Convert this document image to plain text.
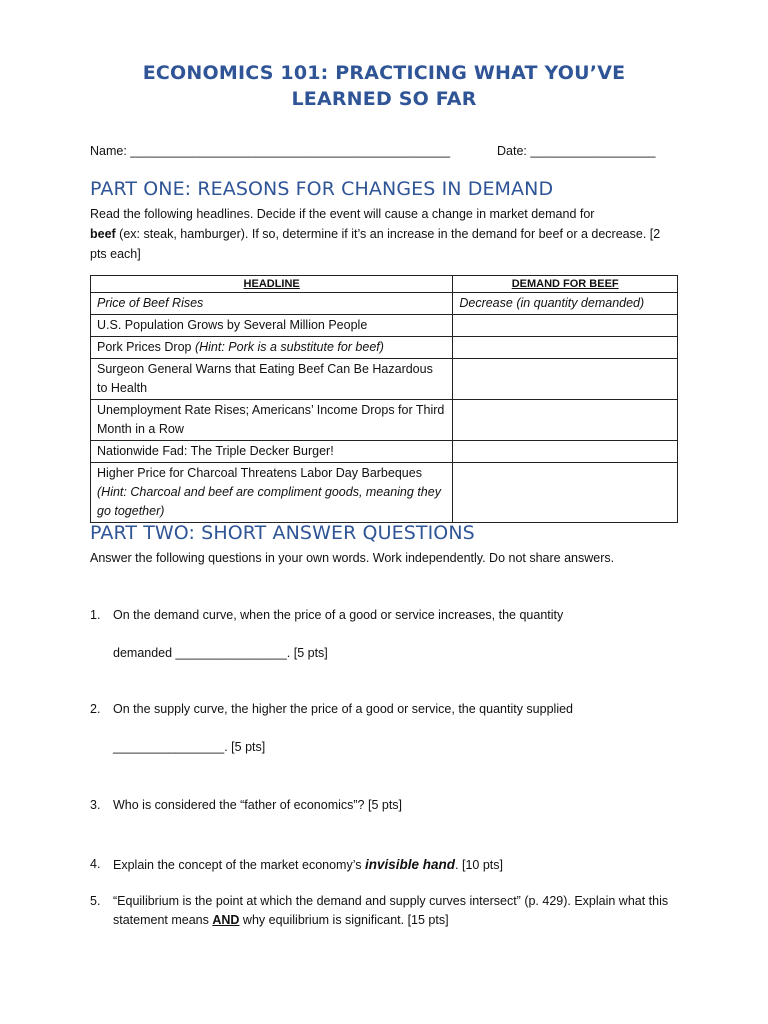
ECONOMICS 101: PRACTICING WHAT YOU’VE
LEARNED SO FAR
Name: ______________________________________________	Date: __________________
PART ONE: REASONS FOR CHANGES IN DEMAND
Read the following headlines. Decide if the event will cause a change in market demand for
beef (ex: steak, hamburger). If so, determine if it’s an increase in the demand for beef or a decrease. [2 pts each]
HEADLINE	DEMAND FOR BEEF
Price of Beef Rises	Decrease (in quantity demanded)
U.S. Population Grows by Several Million People	
Pork Prices Drop (Hint: Pork is a substitute for beef)	
Surgeon General Warns that Eating Beef Can Be Hazardous to Health	
Unemployment Rate Rises; Americans’ Income Drops for Third Month in a Row	
Nationwide Fad: The Triple Decker Burger!	
Higher Price for Charcoal Threatens Labor Day Barbeques (Hint: Charcoal and beef are compliment goods, meaning they go together)	
PART TWO: SHORT ANSWER QUESTIONS
Answer the following questions in your own words. Work independently. Do not share answers.
1. On the demand curve, when the price of a good or service increases, the quantity
demanded ________________. [5 pts]
2. On the supply curve, the higher the price of a good or service, the quantity supplied
________________. [5 pts]
3. Who is considered the “father of economics”? [5 pts]
4. Explain the concept of the market economy’s invisible hand. [10 pts]
5. “Equilibrium is the point at which the demand and supply curves intersect” (p. 429). Explain what this statement means AND why equilibrium is significant. [15 pts]
